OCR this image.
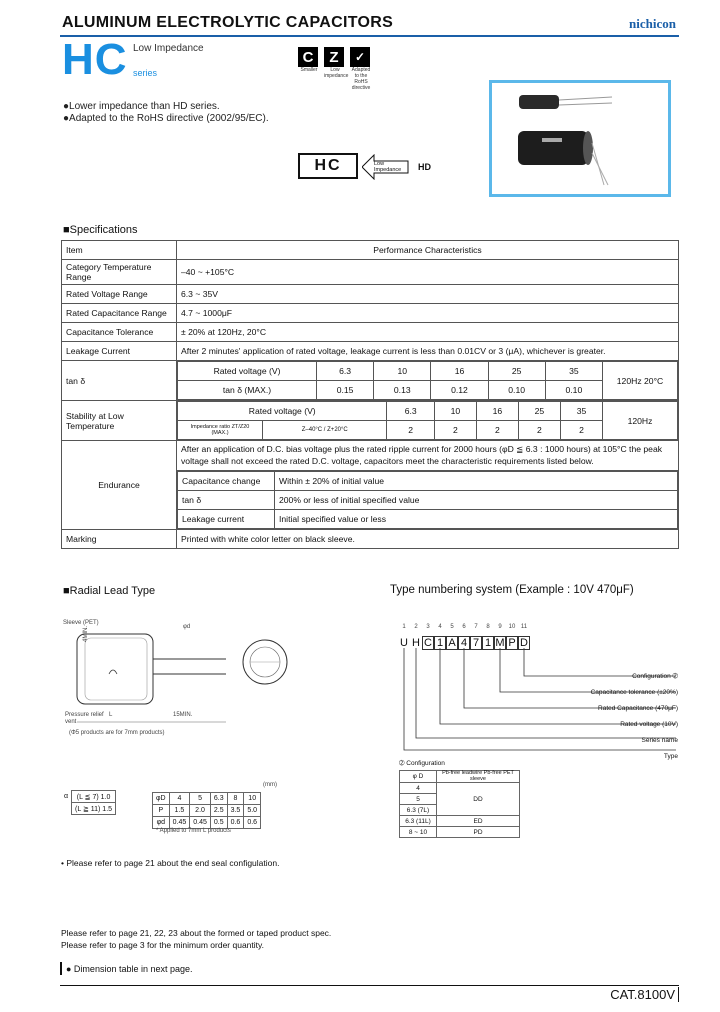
ALUMINUM ELECTROLYTIC CAPACITORS	nichicon
HC Low Impedance
series
C
Smaller
Z
Low impedance
✓
Adapted to the RoHS directive
●Lower impedance than HD series.
●Adapted to the RoHS directive (2002/95/EC).
HC	Low Impedance	HD
■Specifications
Item	Performance Characteristics
Category Temperature Range	–40 ~ +105°C
Rated Voltage Range	6.3 ~ 35V
Rated Capacitance Range	4.7 ~ 1000μF
Capacitance Tolerance	± 20% at 120Hz, 20°C
Leakage Current	After 2 minutes' application of rated voltage, leakage current is less than 0.01CV or 3 (μA), whichever is greater.
tan δ	
Rated voltage (V)	6.3	10	16	25	35	120Hz 20°C
tan δ (MAX.)	0.15	0.13	0.12	0.10	0.10

Stability at Low Temperature	
Rated voltage (V)	6.3	10	16	25	35	120Hz
Impedance ratio ZT/Z20 (MAX.)	Z–40°C / Z+20°C	2	2	2	2	2

Endurance	
After an application of D.C. bias voltage plus the rated ripple current for 2000 hours (φD ≦ 6.3 : 1000 hours) at 105°C the peak voltage shall not exceed the rated D.C. voltage, capacitors meet the characteristic requirements listed below.
Capacitance change	Within ± 20% of initial value
tan δ	200% or less of initial specified value
Leakage current	Initial specified value or less

Marking	Printed with white color letter on black sleeve.
■Radial Lead Type
Sleeve (PET)
φd
L	15MIN.
4MIN.
Pressure relief vent
(Φ5 products are for 7mm products)
α	(L ≦ 7) 1.0
	(L ≧ 11) 1.5
(mm)
φD	4	5	6.3	8	10
P	1.5	2.0	2.5	3.5	5.0
φd	0.45	0.45	0.5	0.6	0.6
* Applied to 7mm L products
Type numbering system (Example : 10V 470μF)
1 2 3 4 5 6 7 8 9 10 11
U H C 1 A 4 7 1 M P D
Configuration ➁
Capacitance tolerance (±20%)
Rated Capacitance (470μF)
Rated voltage (10V)
Series name
Type
➁ Configuration
φ D	Pb-free leadwire Pb-free PET sleeve
4	DD
5	
6.3 (7L)	
6.3 (11L)	ED
8 ~ 10	PD
• Please refer to page 21 about the end seal configulation.
Please refer to page 21, 22, 23 about the formed or taped product spec.
Please refer to page 3 for the minimum order quantity.
● Dimension table in next page.
CAT.8100V
